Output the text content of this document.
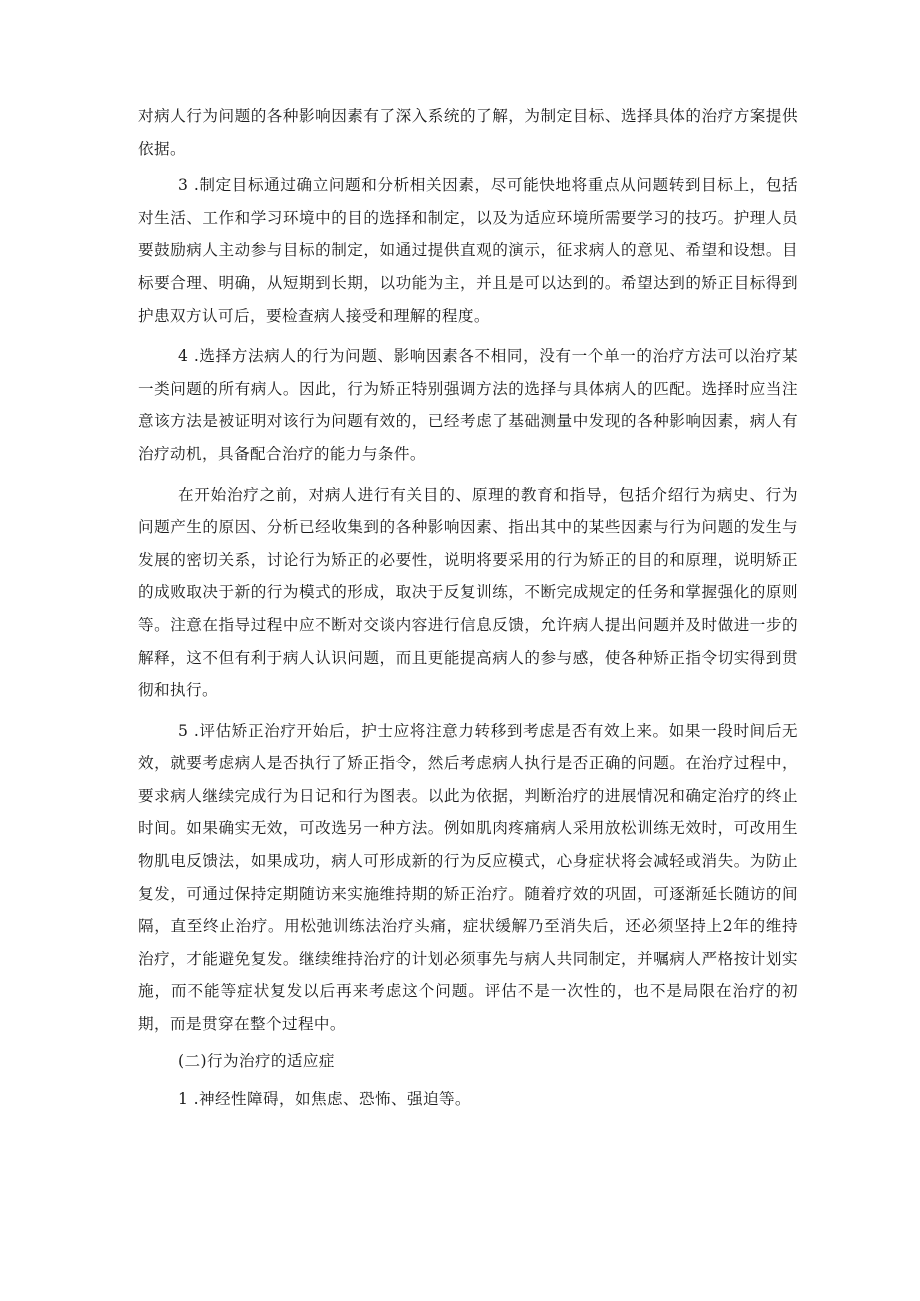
对病人行为问题的各种影响因素有了深入系统的了解，为制定目标、选择具体的治疗方案提供依据。

3 .制定目标通过确立问题和分析相关因素，尽可能快地将重点从问题转到目标上，包括对生活、工作和学习环境中的目的选择和制定，以及为适应环境所需要学习的技巧。护理人员要鼓励病人主动参与目标的制定，如通过提供直观的演示，征求病人的意见、希望和设想。目标要合理、明确，从短期到长期，以功能为主，并且是可以达到的。希望达到的矫正目标得到护患双方认可后，要检查病人接受和理解的程度。

4 .选择方法病人的行为问题、影响因素各不相同，没有一个单一的治疗方法可以治疗某一类问题的所有病人。因此，行为矫正特别强调方法的选择与具体病人的匹配。选择时应当注意该方法是被证明对该行为问题有效的，已经考虑了基础测量中发现的各种影响因素，病人有治疗动机，具备配合治疗的能力与条件。

在开始治疗之前，对病人进行有关目的、原理的教育和指导，包括介绍行为病史、行为问题产生的原因、分析已经收集到的各种影响因素、指出其中的某些因素与行为问题的发生与发展的密切关系，讨论行为矫正的必要性，说明将要采用的行为矫正的目的和原理，说明矫正的成败取决于新的行为模式的形成，取决于反复训练，不断完成规定的任务和掌握强化的原则等。注意在指导过程中应不断对交谈内容进行信息反馈，允许病人提出问题并及时做进一步的解释，这不但有利于病人认识问题，而且更能提高病人的参与感，使各种矫正指令切实得到贯彻和执行。

5 .评估矫正治疗开始后，护士应将注意力转移到考虑是否有效上来。如果一段时间后无效，就要考虑病人是否执行了矫正指令，然后考虑病人执行是否正确的问题。在治疗过程中，要求病人继续完成行为日记和行为图表。以此为依据，判断治疗的进展情况和确定治疗的终止时间。如果确实无效，可改选另一种方法。例如肌肉疼痛病人采用放松训练无效时，可改用生物肌电反馈法，如果成功，病人可形成新的行为反应模式，心身症状将会减轻或消失。为防止复发，可通过保持定期随访来实施维持期的矫正治疗。随着疗效的巩固，可逐渐延长随访的间隔，直至终止治疗。用松弛训练法治疗头痛，症状缓解乃至消失后，还必须坚持上2年的维持治疗，才能避免复发。继续维持治疗的计划必须事先与病人共同制定，并嘱病人严格按计划实施，而不能等症状复发以后再来考虑这个问题。评估不是一次性的，也不是局限在治疗的初期，而是贯穿在整个过程中。

(二)行为治疗的适应症

1 .神经性障碍，如焦虑、恐怖、强迫等。
